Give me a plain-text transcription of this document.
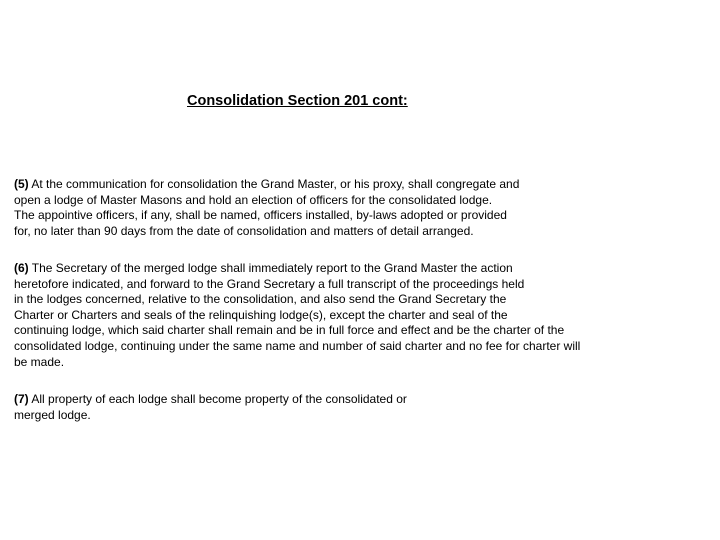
Consolidation Section 201 cont:
(5) At the communication for consolidation the Grand Master, or his proxy, shall congregate and
open a lodge of Master Masons and hold an election of officers for the consolidated lodge.
The appointive officers, if any, shall be named, officers installed, by-laws adopted or provided
for, no later than 90 days from the date of consolidation and matters of detail arranged.
(6) The Secretary of the merged lodge shall immediately report to the Grand Master the action
heretofore indicated, and forward to the Grand Secretary a full transcript of the proceedings held
in the lodges concerned, relative to the consolidation, and also send the Grand Secretary the
Charter or Charters and seals of the relinquishing lodge(s), except the charter and seal of the
continuing lodge, which said charter shall remain and be in full force and effect and be the charter of the
consolidated lodge, continuing under the same name and number of said charter and no fee for charter will
be made.
(7) All property of each lodge shall become property of the consolidated or
merged lodge.
